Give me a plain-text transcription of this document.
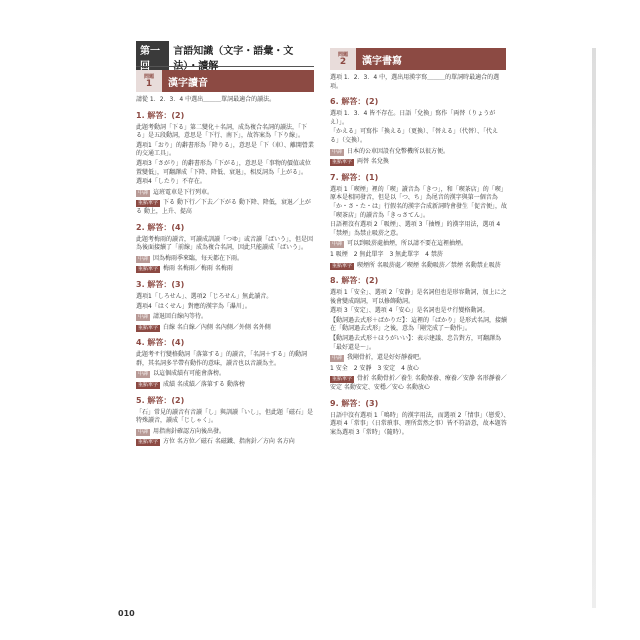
第一	言語知識（文字・語彙・文
問題
1 漢字讀音
問題
2 漢字書寫
請從 1．2．3．4 中選出＿＿＿單詞最適合的讀法。
1. 解答：(2)
此題考動詞「下る」第二變化＋名詞，成為複合名詞的讀法，「下る」是五段動詞，意思是「下行、南下」，故答案為「下り線」。
選項1「おり」的辭書形為「降りる」，意思是「下（車）、離開營業的交通工具」。
選項3「さがり」的辭書形為「下がる」，意思是「事物的價值或位置變低」，可翻譯成「下降、降低、衰退」，相反詞為「上がる」。
選項4「したり」不存在。
中譯 這班電車是下行列車。
重點單字 下る 動下行／下去／下がる 動下降、降低，衰退／上がる 動上，上升、提高
2. 解答：(4)
此題考梅雨的讀音，可讀成訓讀「つゆ」或音讀「ばいう」，但是因為後面接續了「前線」成為複合名詞，因此只能讀成「ばいう」。
中譯 因為梅雨季來臨，每天都在下雨。
重點單字 梅雨 名梅雨／梅雨 名梅雨
3. 解答：(3)
選項1「しろせん」、選項2「じろせん」無此讀音。
選項4「はくせん」對應的漢字為「瀑川」。
中譯 請退回白線內等待。
重點單字 白線 名白線／內側 名內側／外側 名外側
4. 解答：(4)
此題考サ行變格動詞「落第する」的讀音，「名詞＋する」的動詞群，其名詞多半帶有動作的意味，讀音也以音讀為主。
中譯 以這個成績有可能會落榜。
重點單字 成績 名成績／落第する 動落榜
5. 解答：(2)
「石」常見的讀音有音讀「し」與訓讀「いし」，但此題「磁石」是特殊讀音，讀成「じしゃく」。
中譯 用指南針確認方向後出發。
重點單字 方位 名方位／磁石 名磁鐵、指南針／方向 名方向
選項 1．2．3．4 中，選出用漢字寫＿＿＿的單詞時最適合的選項。
6. 解答：(2)
選項 1．3．4 皆不存在。日語「兌換」寫作「両替（りょうがえ）」。
「かえる」可寫作「換える」（更換）、「替える」（代替）、「代える」（交換）。
中譯 日本的公車因設有兌幣機所以很方便。
重點單字 両替 名兌換
7. 解答：(1)
選項 1「喫煙」裡的「喫」讀音為「きつ」，和「喫茶店」的「喫」原本是相同發音，但是以「つ、ち」為尾音的漢字與第一個音為「か・さ・た・は」行假名的漢字合成新詞時會發生「促音便」，故「喫茶店」的讀音為「きっさてん」。
日語裡沒有選項 2「吸煙」、選項 3「抽煙」的漢字用法，選項 4「禁煙」為禁止吸菸之意。
中譯 可以到吸菸處抽煙，所以請不要在這裡抽煙。
1 吸煙　2 無此單字　3 無此單字　4 禁菸
重點單字 喫煙所 名吸菸處／喫煙 名動吸菸／禁煙 名動禁止吸菸
8. 解答：(2)
選項 1「安全」、選項 2「安静」是名詞但也是形容動詞，加上に之後會變成副詞，可以修飾動詞。
選項 3「安定」、選項 4「安心」是名詞也是サ行變格動詞。
【動詞過去式形＋ばかりだ】：這裡的「ばかり」是形式名詞，接續在「動詞過去式形」之後，意為「剛完成了～動作」。
【動詞過去式形＋ほうがいい】：表示建議、忠告對方，可翻譯為「最好還是～」。
中譯 我剛骨折，還是好好靜養吧。
1 安全　2 安靜　3 安定　4 放心
重點單字 骨折 名動骨折／養生 名動保養、療養／安静 名形靜養／安定 名動安定、安穩／安心 名動放心
9. 解答：(3)
日語中沒有選項 1「鳴時」的漢字用法，而選項 2「情事」（戀愛）、選項 4「常事」（日常瑣事、理所當然之事）皆不符語意，故本題答案為選項 3「常時」（隨時）。
010
